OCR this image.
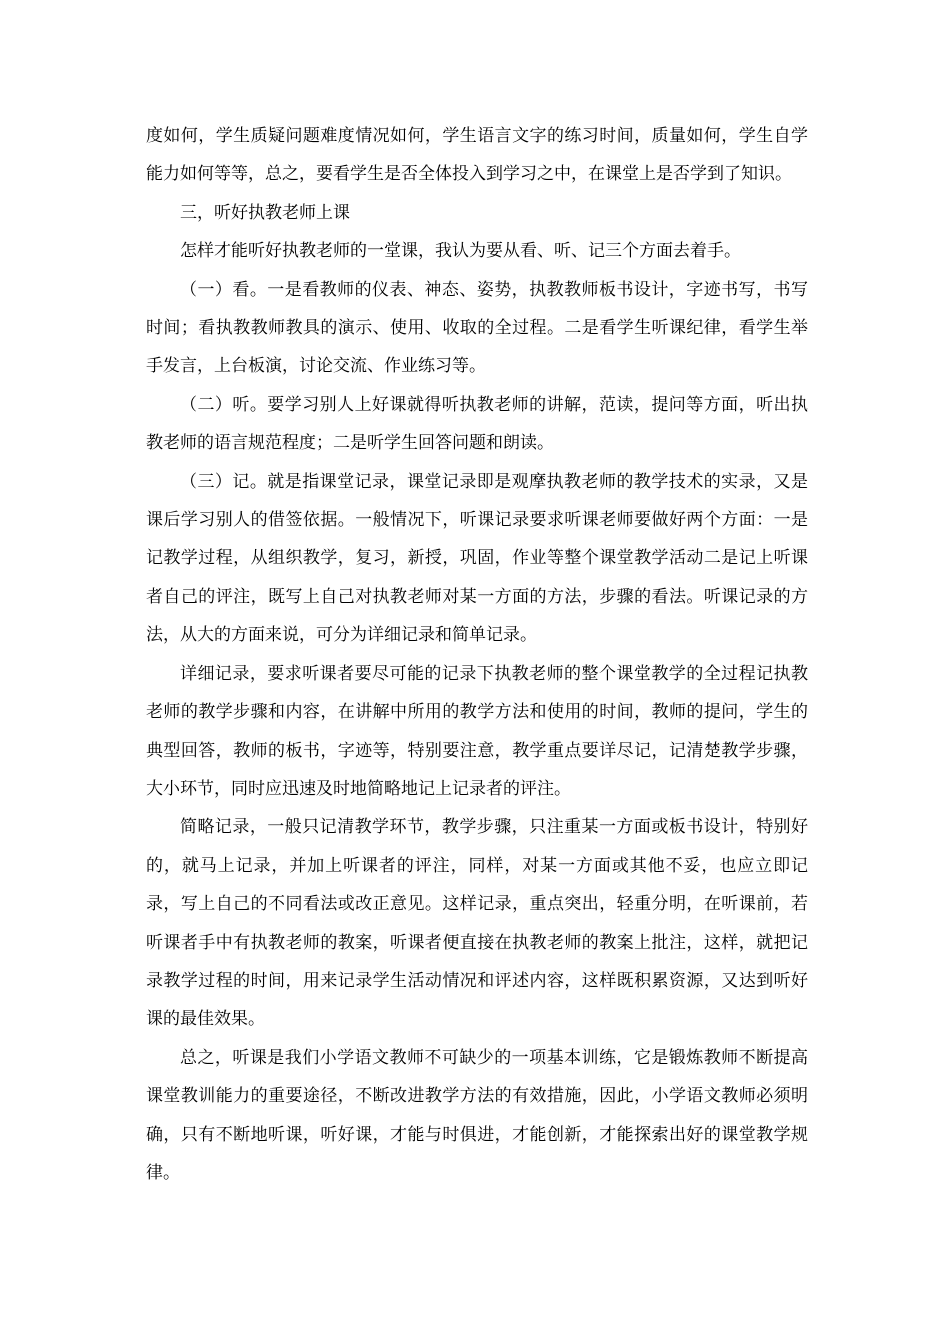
度如何，学生质疑问题难度情况如何，学生语言文字的练习时间，质量如何，学生自学能力如何等等，总之，要看学生是否全体投入到学习之中，在课堂上是否学到了知识。

三，听好执教老师上课

怎样才能听好执教老师的一堂课，我认为要从看、听、记三个方面去着手。

（一）看。一是看教师的仪表、神态、姿势，执教教师板书设计，字迹书写，书写时间；看执教教师教具的演示、使用、收取的全过程。二是看学生听课纪律，看学生举手发言，上台板演，讨论交流、作业练习等。

（二）听。要学习别人上好课就得听执教老师的讲解，范读，提问等方面，听出执教老师的语言规范程度；二是听学生回答问题和朗读。

（三）记。就是指课堂记录，课堂记录即是观摩执教老师的教学技术的实录，又是课后学习别人的借签依据。一般情况下，听课记录要求听课老师要做好两个方面：一是记教学过程，从组织教学，复习，新授，巩固，作业等整个课堂教学活动二是记上听课者自己的评注，既写上自己对执教老师对某一方面的方法，步骤的看法。听课记录的方法，从大的方面来说，可分为详细记录和简单记录。

详细记录，要求听课者要尽可能的记录下执教老师的整个课堂教学的全过程记执教老师的教学步骤和内容，在讲解中所用的教学方法和使用的时间，教师的提问，学生的典型回答，教师的板书，字迹等，特别要注意，教学重点要详尽记，记清楚教学步骤，大小环节，同时应迅速及时地简略地记上记录者的评注。

简略记录，一般只记清教学环节，教学步骤，只注重某一方面或板书设计，特别好的，就马上记录，并加上听课者的评注，同样，对某一方面或其他不妥，也应立即记录，写上自己的不同看法或改正意见。这样记录，重点突出，轻重分明，在听课前，若听课者手中有执教老师的教案，听课者便直接在执教老师的教案上批注，这样，就把记录教学过程的时间，用来记录学生活动情况和评述内容，这样既积累资源，又达到听好课的最佳效果。

总之，听课是我们小学语文教师不可缺少的一项基本训练，它是锻炼教师不断提高课堂教训能力的重要途径，不断改进教学方法的有效措施，因此，小学语文教师必须明确，只有不断地听课，听好课，才能与时俱进，才能创新，才能探索出好的课堂教学规律。
